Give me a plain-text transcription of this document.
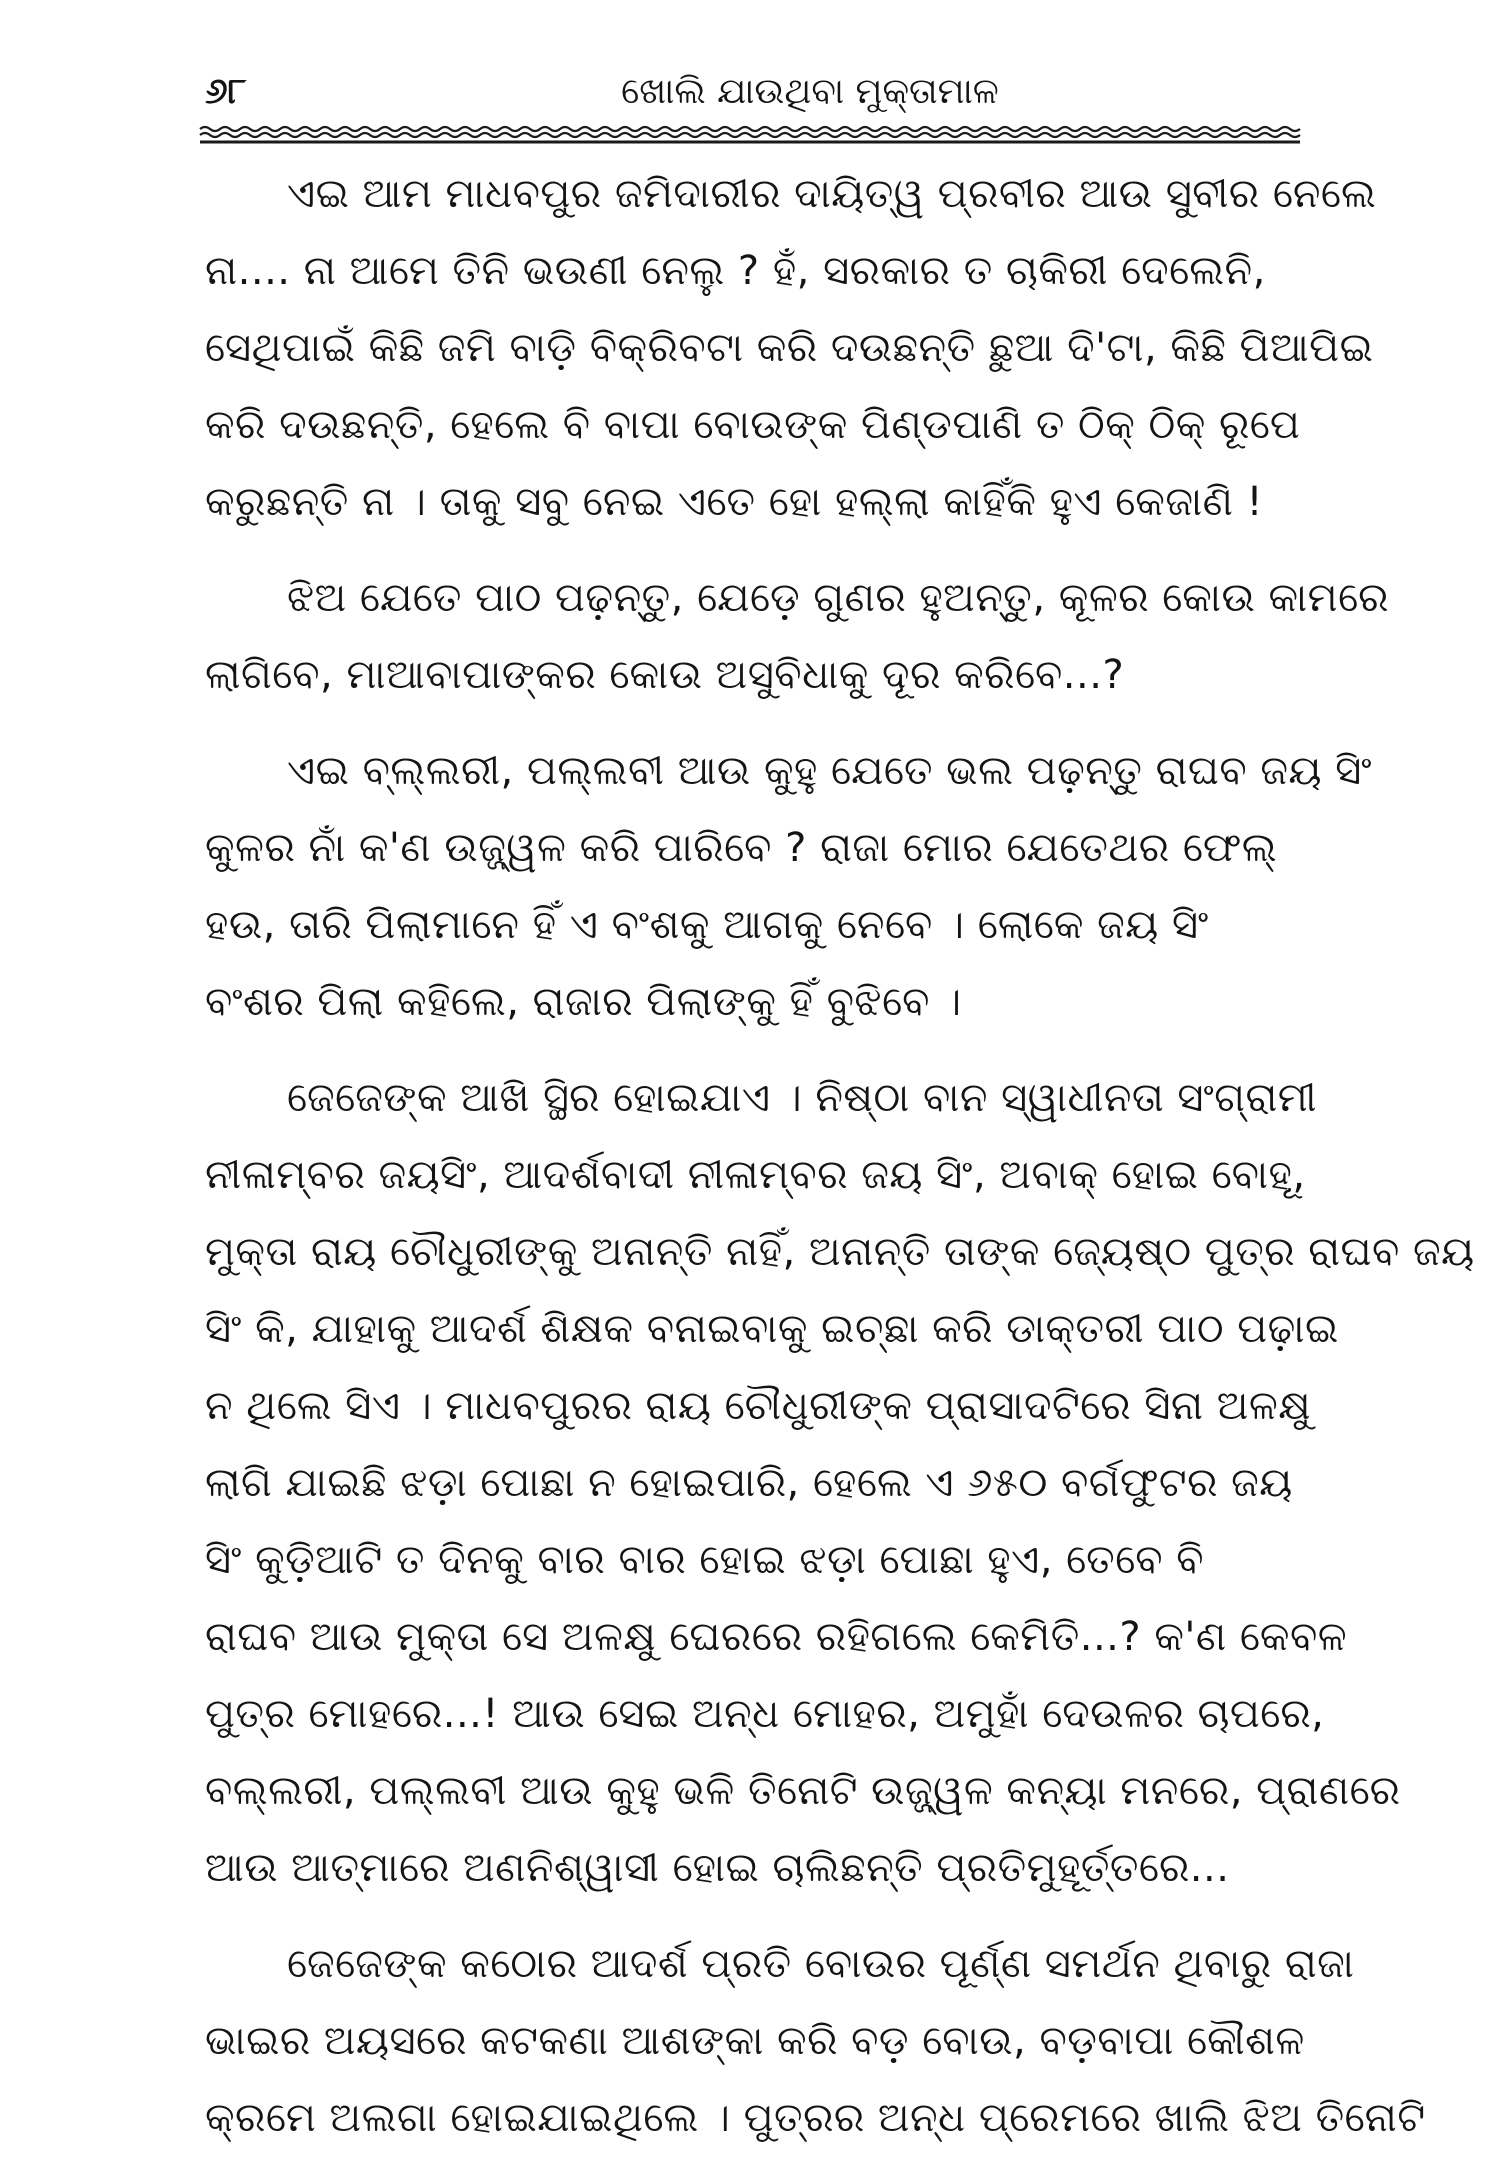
୬୮	ଖୋଲି ଯାଉଥିବା ମୁକ୍ତାମାଳ
ଏଇ ଆମ ମାଧବପୁର ଜମିଦାରୀର ଦାୟିତ୍ୱ ପ୍ରବୀର ଆଉ ସୁବୀର ନେଲେ
ନା.... ନା ଆମେ ତିନି ଭଉଣୀ ନେଲୁ ? ହଁ, ସରକାର ତ ଚାକିରୀ ଦେଲେନି,
ସେଥିପାଇଁ କିଛି ଜମି ବାଡ଼ି ବିକ୍ରିବଟା କରି ଦଉଛନ୍ତି ଛୁଆ ଦି'ଟା, କିଛି ପିଆପିଇ
କରି ଦଉଛନ୍ତି, ହେଲେ ବି ବାପା ବୋଉଙ୍କ ପିଣ୍ଡପାଣି ତ ଠିକ୍ ଠିକ୍ ରୂପେ
କରୁଛନ୍ତି ନା । ତାକୁ ସବୁ ନେଇ ଏତେ ହୋ ହଲ୍ଲା କାହିଁକି ହୁଏ କେଜାଣି !
ଝିଅ ଯେତେ ପାଠ ପଢ଼ନ୍ତୁ, ଯେଡ଼େ ଗୁଣର ହୁଅନ୍ତୁ, କୂଳର କୋଉ କାମରେ
ଲାଗିବେ, ମାଆବାପାଙ୍କର କୋଉ ଅସୁବିଧାକୁ ଦୂର କରିବେ...?
ଏଇ ବ୍‌ଲ୍ଲରୀ, ପଲ୍ଲବୀ ଆଉ କୁହୁ ଯେତେ ଭଲ ପଢ଼ନ୍ତୁ ରାଘବ ଜୟ ସିଂ
କୁଳର ନାଁ କ'ଣ ଉଜ୍ଜ୍ୱଳ କରି ପାରିବେ ? ରାଜା ମୋର ଯେତେଥର ଫେଲ୍
ହଉ, ତାରି ପିଲାମାନେ ହିଁ ଏ ବଂଶକୁ ଆଗକୁ ନେବେ । ଲୋକେ ଜୟ ସିଂ
ବଂଶର ପିଲା କହିଲେ, ରାଜାର ପିଲାଙ୍କୁ ହିଁ ବୁଝିବେ ।
ଜେଜେଙ୍କ ଆଖି ସ୍ଥିର ହୋଇଯାଏ । ନିଷ୍ଠା ବାନ ସ୍ୱାଧୀନତା ସଂଗ୍ରାମୀ
ନୀଳାମ୍ବର ଜୟସିଂ, ଆଦର୍ଶବାଦୀ ନୀଳାମ୍ବର ଜୟ ସିଂ, ଅବାକ୍ ହୋଇ ବୋହୂ,
ମୁକ୍ତା ରାୟ ଚୌଧୁରୀଙ୍କୁ ଅନାନ୍ତି ନାହିଁ, ଅନାନ୍ତି ତାଙ୍କ ଜ୍ୟେଷ୍ଠ ପୁତ୍ର ରାଘବ ଜୟ
ସିଂ କି, ଯାହାକୁ ଆଦର୍ଶ ଶିକ୍ଷକ ବନାଇବାକୁ ଇଚ୍ଛା କରି ଡାକ୍ତରୀ ପାଠ ପଢ଼ାଇ
ନ ଥିଲେ ସିଏ । ମାଧବପୁରର ରାୟ ଚୌଧୁରୀଙ୍କ ପ୍ରାସାଦଟିରେ ସିନା ଅଳକ୍ଷୁ
ଲାଗି ଯାଇଛି ଝଡ଼ା ପୋଛା ନ ହୋଇପାରି, ହେଲେ ଏ ୬୫୦ ବର୍ଗଫୁଟର ଜୟ
ସିଂ କୁଡ଼ିଆଟି ତ ଦିନକୁ ବାର ବାର ହୋଇ ଝଡ଼ା ପୋଛା ହୁଏ, ତେବେ ବି
ରାଘବ ଆଉ ମୁକ୍ତା ସେ ଅଳକ୍ଷୁ ଘେରରେ ରହିଗଲେ କେମିତି...? କ'ଣ କେବଳ
ପୁତ୍ର ମୋହରେ...! ଆଉ ସେଇ ଅନ୍ଧ ମୋହର, ଅମୁହାଁ ଦେଉଳର ଚାପରେ,
ବଲ୍ଲରୀ, ପଲ୍ଲବୀ ଆଉ କୁହୁ ଭଳି ତିନୋଟି ଉଜ୍ଜ୍ୱଳ କନ୍ୟା ମନରେ, ପ୍ରାଣରେ
ଆଉ ଆତ୍ମାରେ ଅଣନିଶ୍ୱାସୀ ହୋଇ ଚାଲିଛନ୍ତି ପ୍ରତିମୁହୂର୍ତ୍ତରେ...
ଜେଜେଙ୍କ କଠୋର ଆଦର୍ଶ ପ୍ରତି ବୋଉର ପୂର୍ଣ୍ଣ ସମର୍ଥନ ଥିବାରୁ ରାଜା
ଭାଇର ଅୟସରେ କଟକଣା ଆଶଙ୍କା କରି ବଡ଼ ବୋଉ, ବଡ଼ବାପା କୌଶଳ
କ୍ରମେ ଅଲଗା ହୋଇଯାଇଥିଲେ । ପୁତ୍ରର ଅନ୍ଧ ପ୍ରେମରେ ଖାଲି ଝିଅ ତିନୋଟି
